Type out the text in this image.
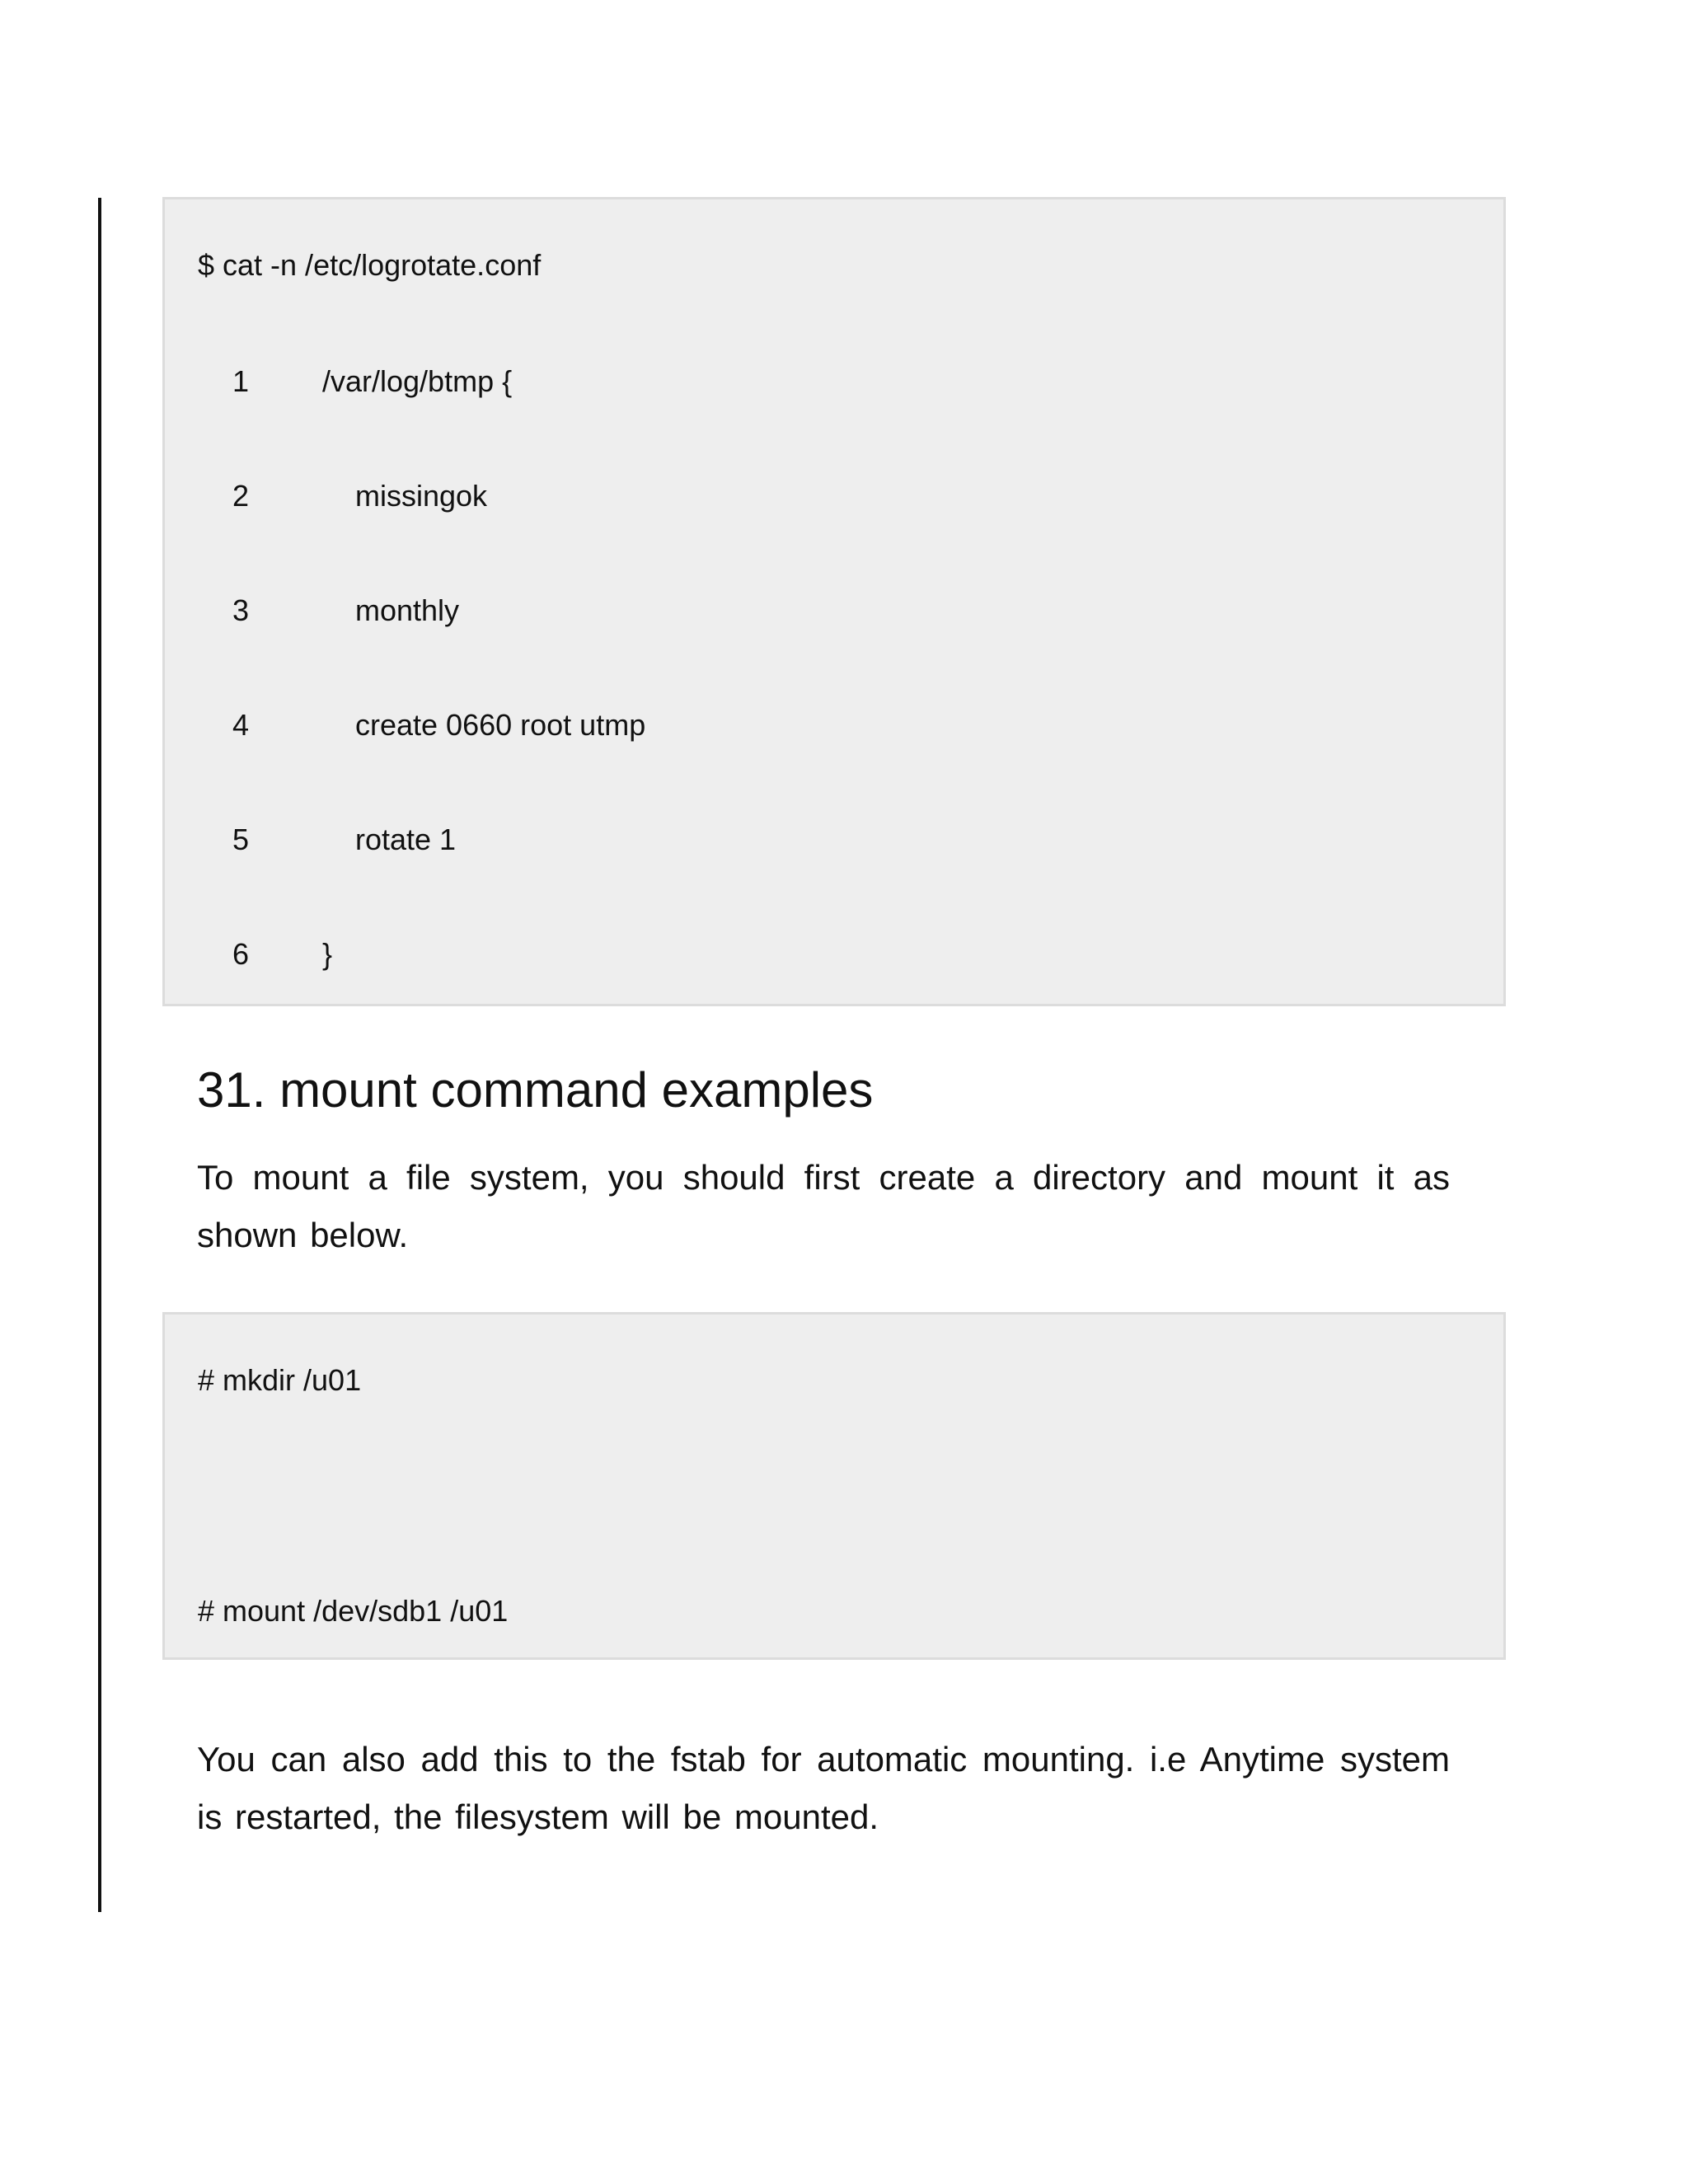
$ cat -n /etc/logrotate.conf
1 /var/log/btmp {
2	missingok
3	monthly
4	create 0660 root utmp
5	rotate 1
6 }
31. mount command examples

To mount a file system, you should first create a directory and mount it as shown below.

# mkdir /u01
# mount /dev/sdb1 /u01

You can also add this to the fstab for automatic mounting. i.e Anytime system is restarted, the filesystem will be mounted.
